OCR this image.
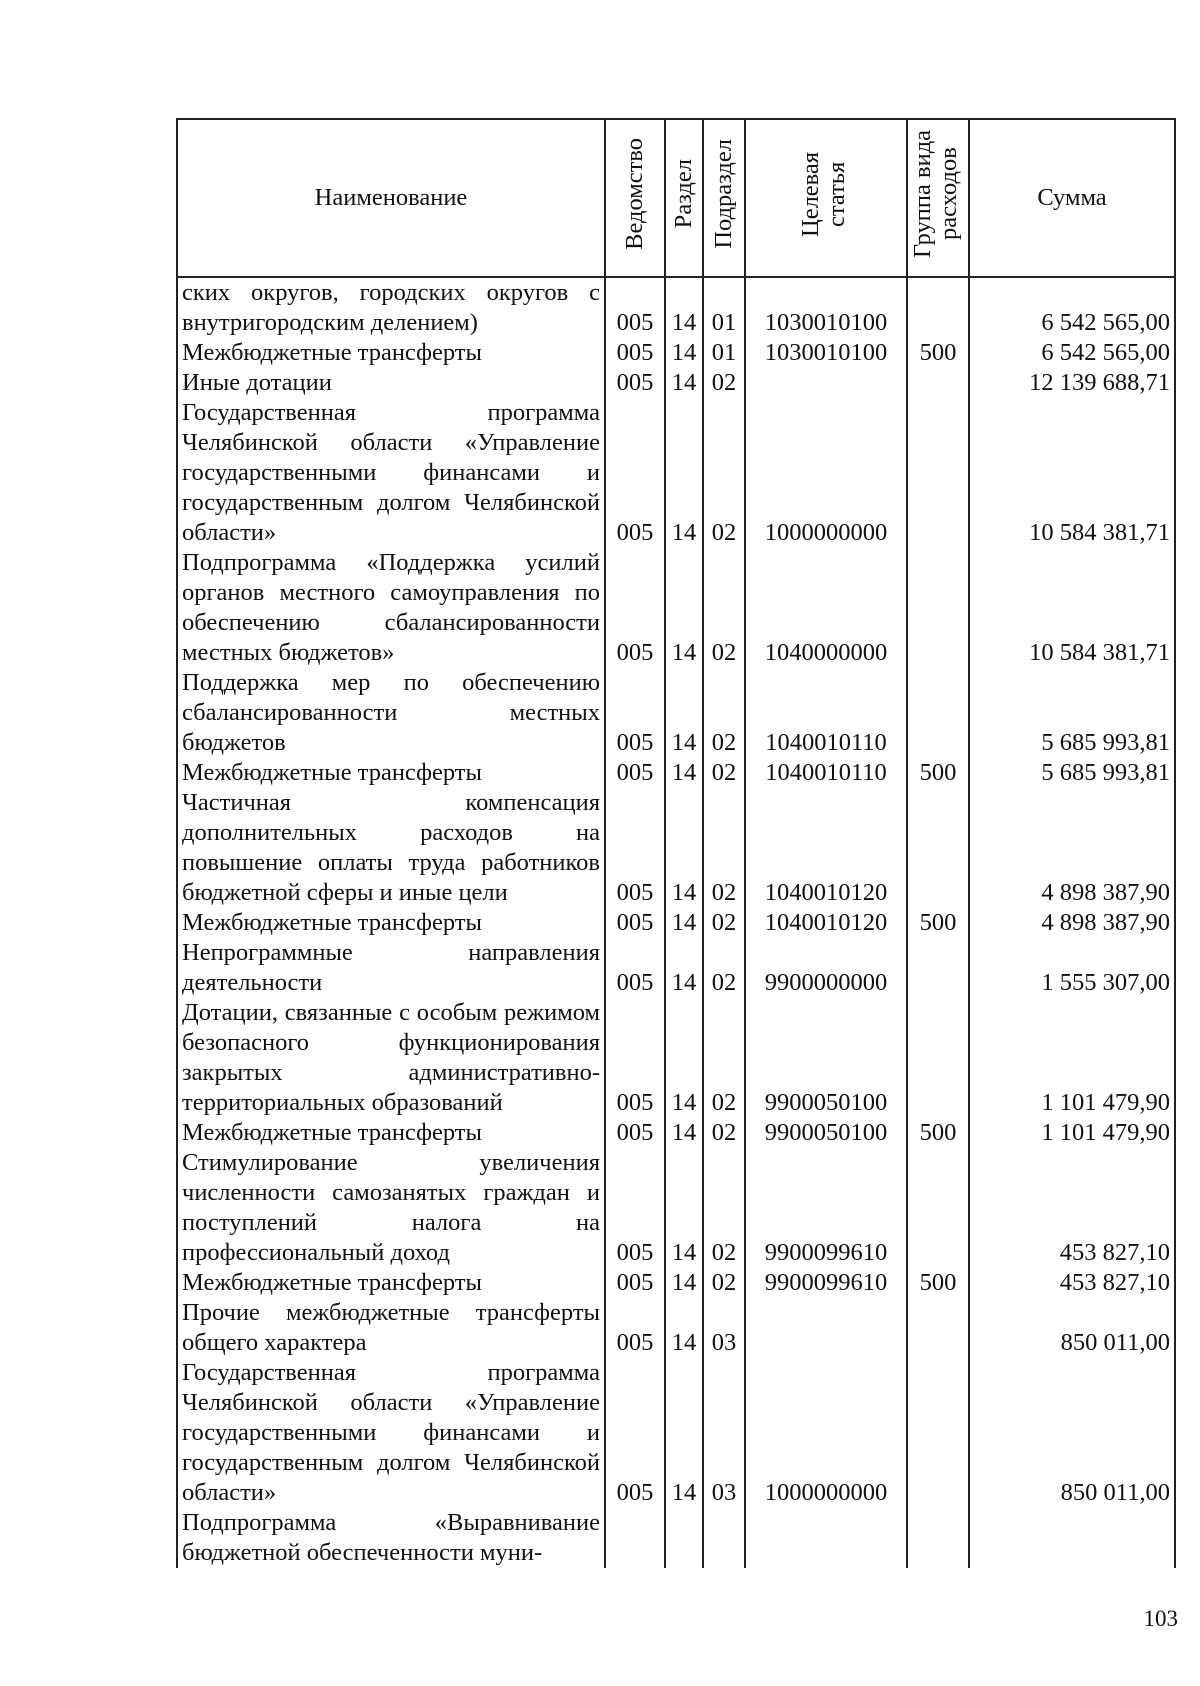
Наименование	Ведомство	Раздел	Подраздел	Целевая статья	Группа вида расходов	Сумма
ских округов, городских округов с внутригородским делением)	005	14	01	1030010100		6 542 565,00
Межбюджетные трансферты	005	14	01	1030010100	500	6 542 565,00
Иные дотации	005	14	02			12 139 688,71
Государственная программа Челябинской области «Управление государственными финансами и государственным долгом Челябинской области»	005	14	02	1000000000		10 584 381,71
Подпрограмма «Поддержка усилий органов местного самоуправления по обеспечению сбалансированности местных бюджетов»	005	14	02	1040000000		10 584 381,71
Поддержка мер по обеспечению сбалансированности местных бюджетов	005	14	02	1040010110		5 685 993,81
Межбюджетные трансферты	005	14	02	1040010110	500	5 685 993,81
Частичная компенсация дополнительных расходов на повышение оплаты труда работников бюджетной сферы и иные цели	005	14	02	1040010120		4 898 387,90
Межбюджетные трансферты	005	14	02	1040010120	500	4 898 387,90
Непрограммные направления деятельности	005	14	02	9900000000		1 555 307,00
Дотации, связанные с особым режимом безопасного функционирования закрытых административно-территориальных образований	005	14	02	9900050100		1 101 479,90
Межбюджетные трансферты	005	14	02	9900050100	500	1 101 479,90
Стимулирование увеличения численности самозанятых граждан и поступлений налога на профессиональный доход	005	14	02	9900099610		453 827,10
Межбюджетные трансферты	005	14	02	9900099610	500	453 827,10
Прочие межбюджетные трансферты общего характера	005	14	03			850 011,00
Государственная программа Челябинской области «Управление государственными финансами и государственным долгом Челябинской области»	005	14	03	1000000000		850 011,00
Подпрограмма «Выравнивание бюджетной обеспеченности муни-						
103
